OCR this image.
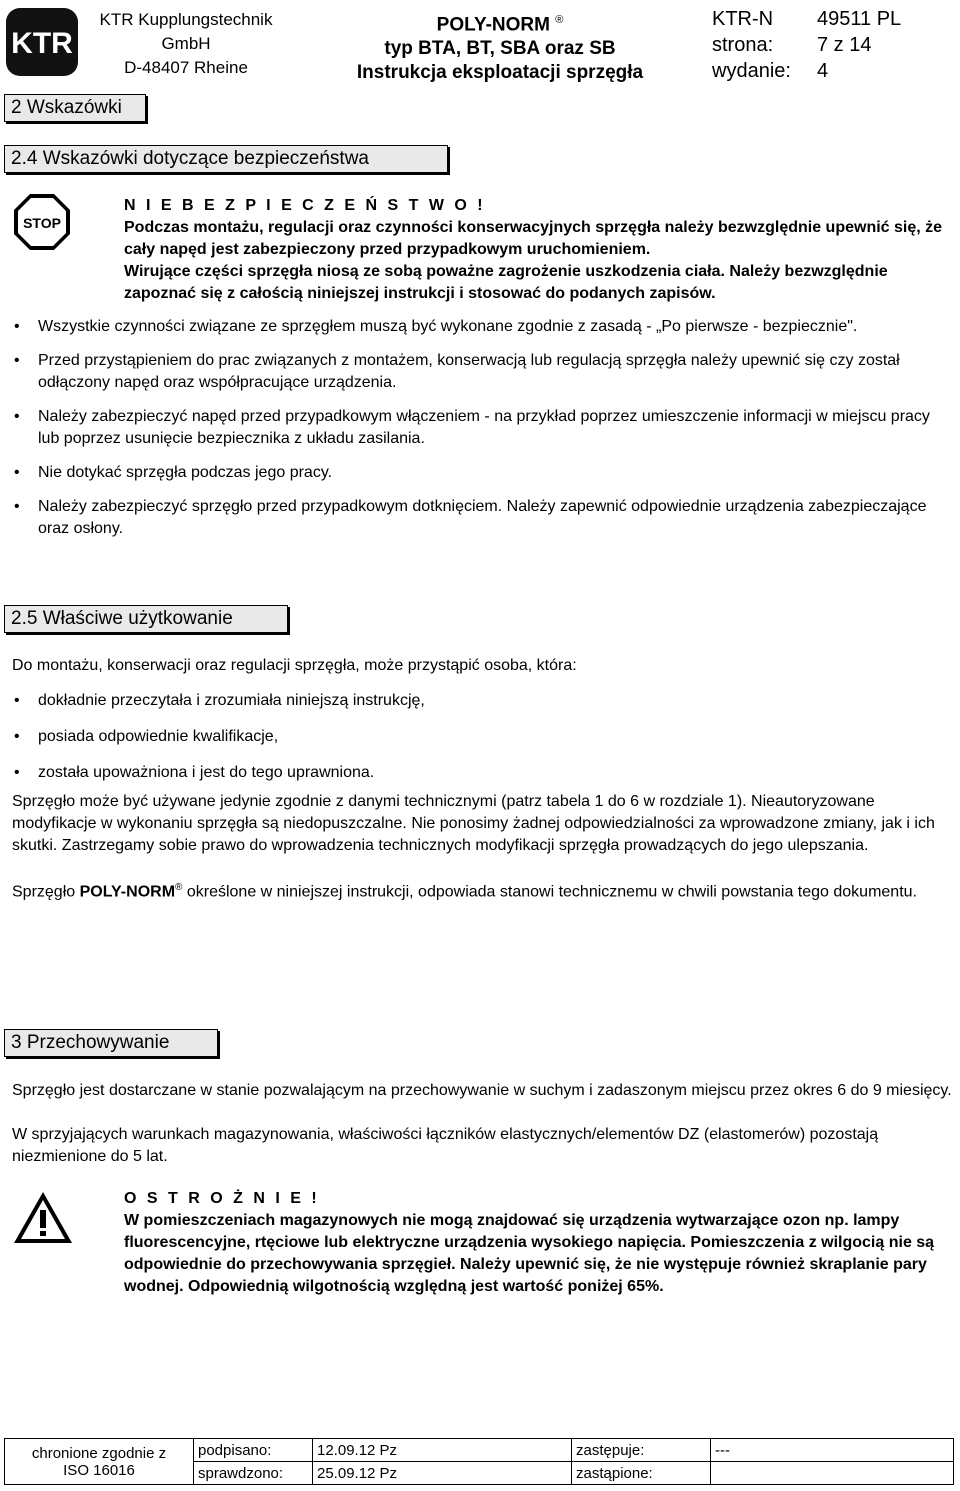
KTR
KTR Kupplungstechnik
GmbH
D-48407 Rheine
POLY-NORM ®
typ BTA, BT, SBA oraz SB
Instrukcja eksploatacji sprzęgła
KTR-N	49511 PL
strona:	7 z 14
wydanie:	4
2 Wskazówki
2.4 Wskazówki dotyczące bezpieczeństwa
STOP
N I E B E Z P I E C Z E Ń S T W O !
Podczas montażu, regulacji oraz czynności konserwacyjnych sprzęgła należy bezwzględnie upewnić się, że cały napęd jest zabezpieczony przed przypadkowym uruchomieniem.
Wirujące części sprzęgła niosą ze sobą poważne zagrożenie uszkodzenia ciała. Należy bezwzględnie zapoznać się z całością niniejszej instrukcji i stosować do podanych zapisów.
• Wszystkie czynności związane ze sprzęgłem muszą być wykonane zgodnie z zasadą - „Po pierwsze - bezpiecznie".
• Przed przystąpieniem do prac związanych z montażem, konserwacją lub regulacją sprzęgła należy upewnić się czy został odłączony napęd oraz współpracujące urządzenia.
• Należy zabezpieczyć napęd przed przypadkowym włączeniem - na przykład poprzez umieszczenie informacji w miejscu pracy lub poprzez usunięcie bezpiecznika z układu zasilania.
• Nie dotykać sprzęgła podczas jego pracy.
• Należy zabezpieczyć sprzęgło przed przypadkowym dotknięciem. Należy zapewnić odpowiednie urządzenia zabezpieczające oraz osłony.
2.5 Właściwe użytkowanie
Do montażu, konserwacji oraz regulacji sprzęgła, może przystąpić osoba, która:
• dokładnie przeczytała i zrozumiała niniejszą instrukcję,
• posiada odpowiednie kwalifikacje,
• została upoważniona i jest do tego uprawniona.
Sprzęgło może być używane jedynie zgodnie z danymi technicznymi (patrz tabela 1 do 6 w rozdziale 1). Nieautoryzowane modyfikacje w wykonaniu sprzęgła są niedopuszczalne. Nie ponosimy żadnej odpowiedzialności za wprowadzone zmiany, jak i ich skutki. Zastrzegamy sobie prawo do wprowadzenia technicznych modyfikacji sprzęgła prowadzących do jego ulepszania.
Sprzęgło POLY-NORM® określone w niniejszej instrukcji, odpowiada stanowi technicznemu w chwili powstania tego dokumentu.
3 Przechowywanie
Sprzęgło jest dostarczane w stanie pozwalającym na przechowywanie w suchym i zadaszonym miejscu przez okres 6 do 9 miesięcy.
W sprzyjających warunkach magazynowania, właściwości łączników elastycznych/elementów DZ (elastomerów) pozostają niezmienione do 5 lat.
O S T R O Ż N I E !
W pomieszczeniach magazynowych nie mogą znajdować się urządzenia wytwarzające ozon np. lampy fluorescencyjne, rtęciowe lub elektryczne urządzenia wysokiego napięcia. Pomieszczenia z wilgocią nie są odpowiednie do przechowywania sprzęgieł. Należy upewnić się, że nie występuje również skraplanie pary wodnej. Odpowiednią wilgotnością względną jest wartość poniżej 65%.
chronione zgodnie z
ISO 16016	podpisano:	12.09.12 Pz	zastępuje:	---
	sprawdzono:	25.09.12 Pz	zastąpione:	
